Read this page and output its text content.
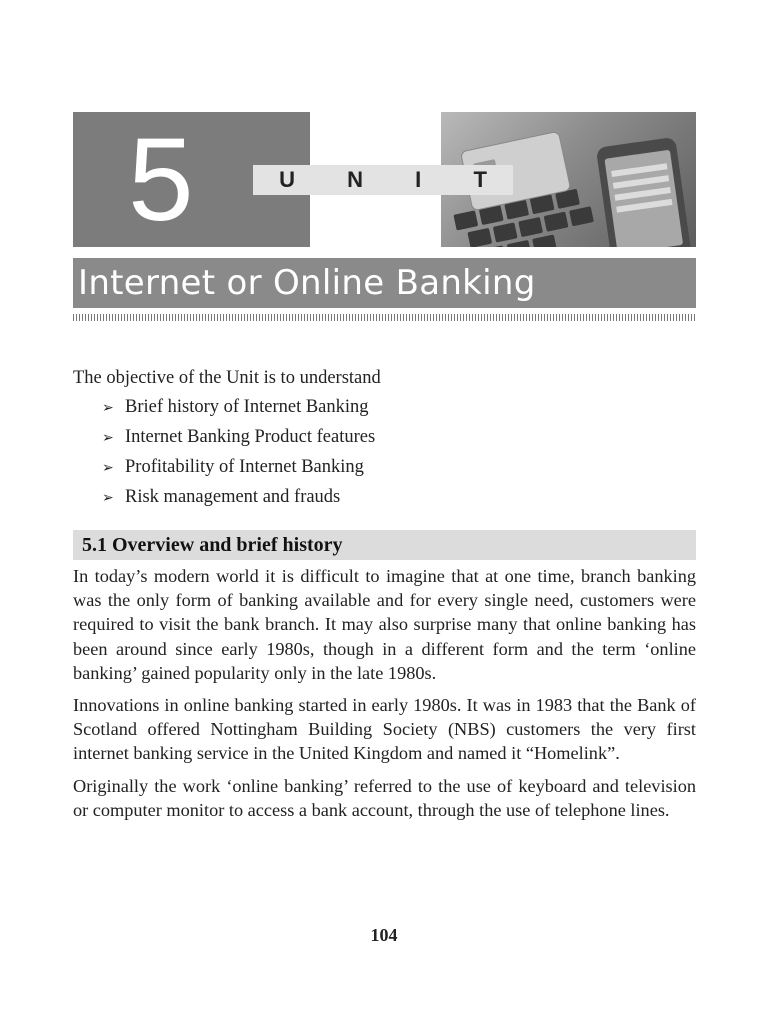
5	U N I T
Internet or Online Banking

The objective of the Unit is to understand

➢ Brief history of Internet Banking
➢ Internet Banking Product features
➢ Profitability of Internet Banking
➢ Risk management and frauds
5.1 Overview and brief history

In today’s modern world it is difficult to imagine that at one time, branch banking was the only form of banking available and for every single need, customers were required to visit the bank branch. It may also surprise many that online banking has been around since early 1980s, though in a different form and the term ‘online banking’ gained popularity only in the late 1980s.

Innovations in online banking started in early 1980s. It was in 1983 that the Bank of Scotland offered Nottingham Building Society (NBS) customers the very first internet banking service in the United Kingdom and named it “Homelink”.

Originally the work ‘online banking’ referred to the use of keyboard and television or computer monitor to access a bank account, through the use of telephone lines.

104
